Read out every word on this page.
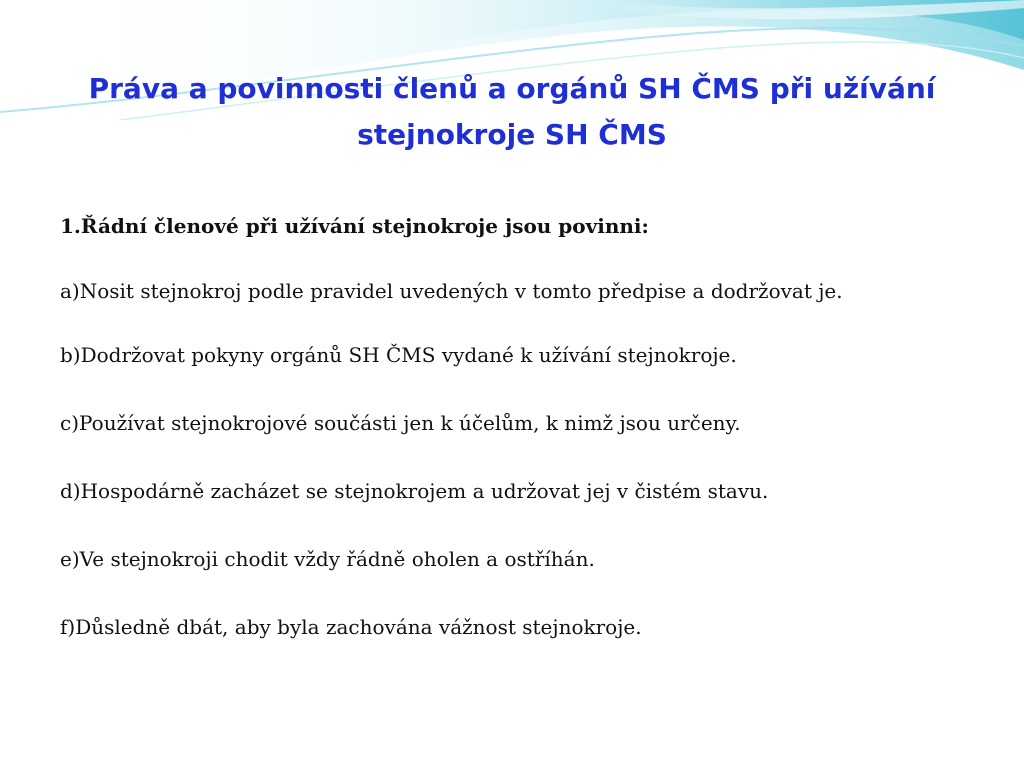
Práva a povinnosti členů a orgánů SH ČMS při užívání
stejnokroje SH ČMS

1.Řádní členové při užívání stejnokroje jsou povinni:

a)Nosit stejnokroj podle pravidel uvedených v tomto předpise a dodržovat je.

b)Dodržovat pokyny orgánů SH ČMS vydané k užívání stejnokroje.

c)Používat stejnokrojové součásti jen k účelům, k nimž jsou určeny.

d)Hospodárně zacházet se stejnokrojem a udržovat jej v čistém stavu.

e)Ve stejnokroji chodit vždy řádně oholen a ostříhán.

f)Důsledně dbát, aby byla zachována vážnost stejnokroje.
